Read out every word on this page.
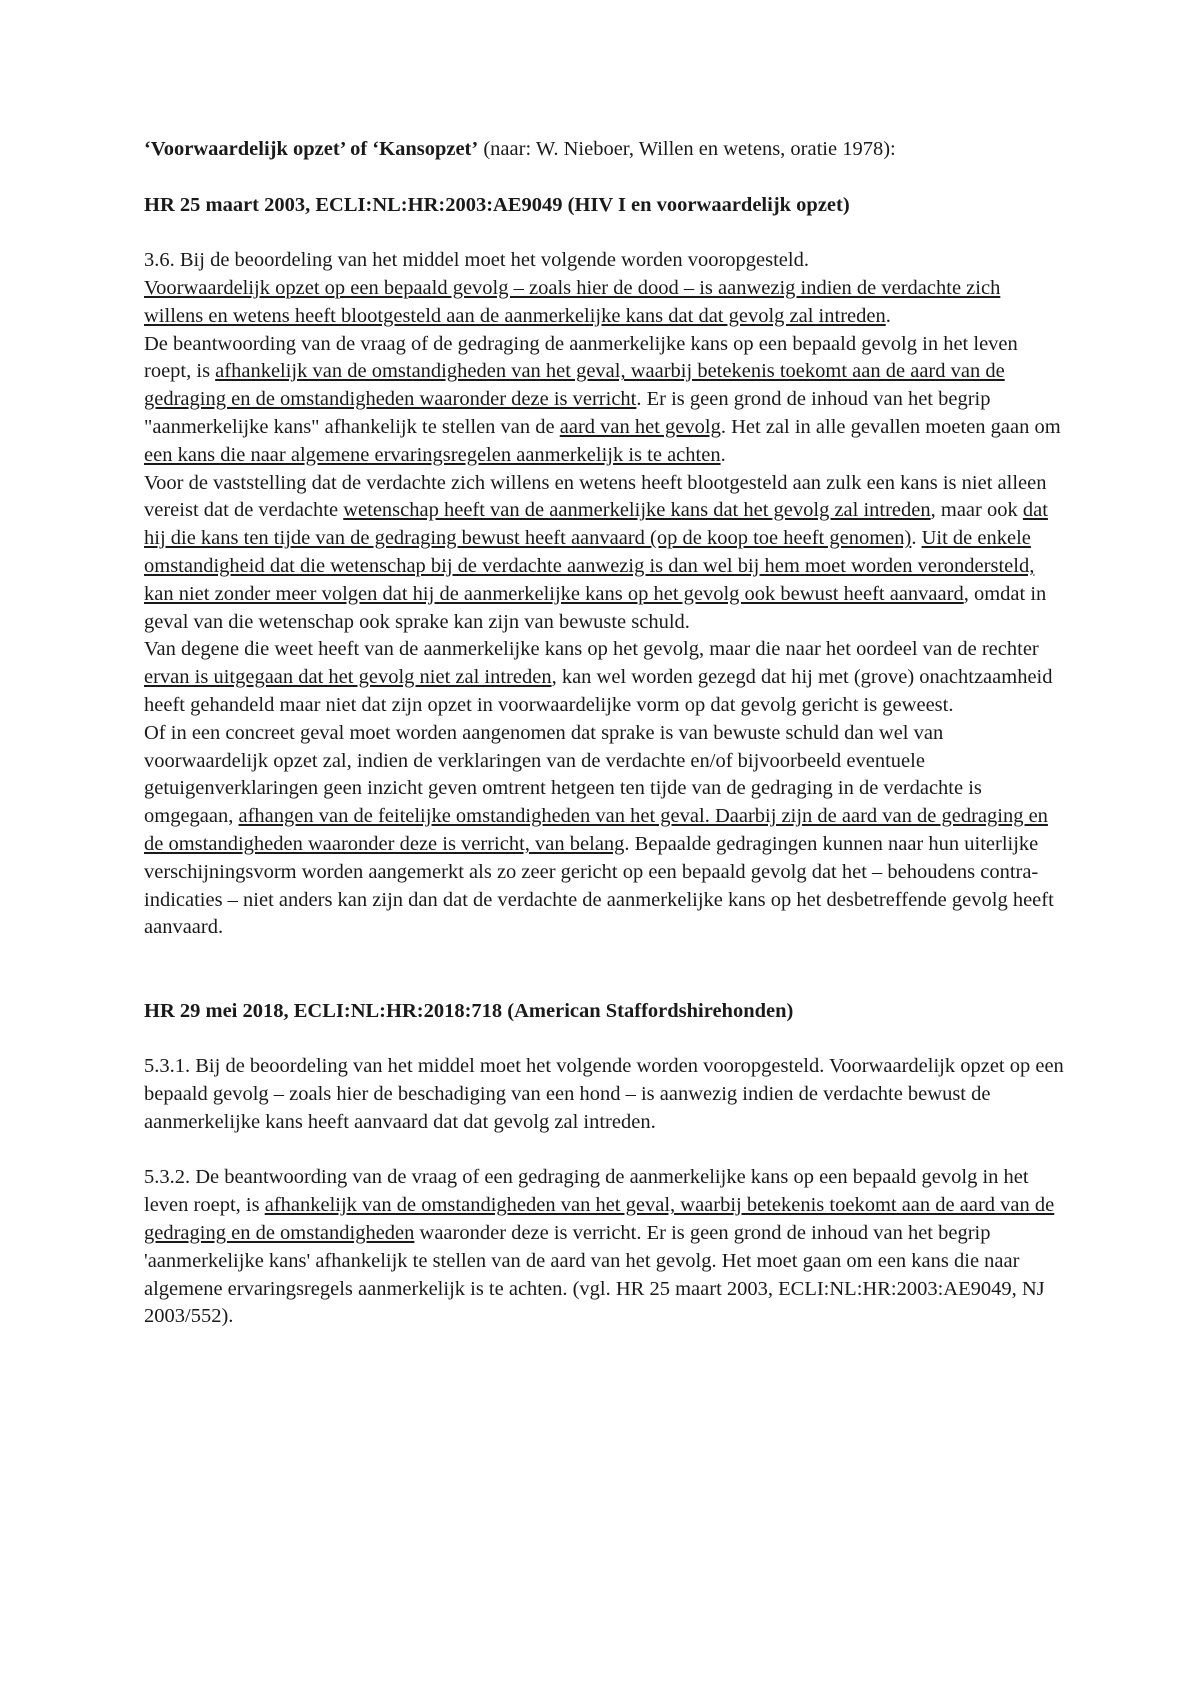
‘Voorwaardelijk opzet’ of ‘Kansopzet’ (naar: W. Nieboer, Willen en wetens, oratie 1978):

HR 25 maart 2003, ECLI:NL:HR:2003:AE9049 (HIV I en voorwaardelijk opzet)

3.6. Bij de beoordeling van het middel moet het volgende worden vooropgesteld.

Voorwaardelijk opzet op een bepaald gevolg – zoals hier de dood – is aanwezig indien de verdachte zich willens en wetens heeft blootgesteld aan de aanmerkelijke kans dat dat gevolg zal intreden.

De beantwoording van de vraag of de gedraging de aanmerkelijke kans op een bepaald gevolg in het leven roept, is afhankelijk van de omstandigheden van het geval, waarbij betekenis toekomt aan de aard van de gedraging en de omstandigheden waaronder deze is verricht. Er is geen grond de inhoud van het begrip "aanmerkelijke kans" afhankelijk te stellen van de aard van het gevolg. Het zal in alle gevallen moeten gaan om een kans die naar algemene ervaringsregelen aanmerkelijk is te achten.

Voor de vaststelling dat de verdachte zich willens en wetens heeft blootgesteld aan zulk een kans is niet alleen vereist dat de verdachte wetenschap heeft van de aanmerkelijke kans dat het gevolg zal intreden, maar ook dat hij die kans ten tijde van de gedraging bewust heeft aanvaard (op de koop toe heeft genomen). Uit de enkele omstandigheid dat die wetenschap bij de verdachte aanwezig is dan wel bij hem moet worden verondersteld, kan niet zonder meer volgen dat hij de aanmerkelijke kans op het gevolg ook bewust heeft aanvaard, omdat in geval van die wetenschap ook sprake kan zijn van bewuste schuld.

Van degene die weet heeft van de aanmerkelijke kans op het gevolg, maar die naar het oordeel van de rechter ervan is uitgegaan dat het gevolg niet zal intreden, kan wel worden gezegd dat hij met (grove) onachtzaamheid heeft gehandeld maar niet dat zijn opzet in voorwaardelijke vorm op dat gevolg gericht is geweest.

Of in een concreet geval moet worden aangenomen dat sprake is van bewuste schuld dan wel van voorwaardelijk opzet zal, indien de verklaringen van de verdachte en/of bijvoorbeeld eventuele getuigenverklaringen geen inzicht geven omtrent hetgeen ten tijde van de gedraging in de verdachte is omgegaan, afhangen van de feitelijke omstandigheden van het geval. Daarbij zijn de aard van de gedraging en de omstandigheden waaronder deze is verricht, van belang. Bepaalde gedragingen kunnen naar hun uiterlijke verschijningsvorm worden aangemerkt als zo zeer gericht op een bepaald gevolg dat het – behoudens contra-indicaties – niet anders kan zijn dan dat de verdachte de aanmerkelijke kans op het desbetreffende gevolg heeft aanvaard.

HR 29 mei 2018, ECLI:NL:HR:2018:718 (American Staffordshirehonden)

5.3.1. Bij de beoordeling van het middel moet het volgende worden vooropgesteld. Voorwaardelijk opzet op een bepaald gevolg – zoals hier de beschadiging van een hond – is aanwezig indien de verdachte bewust de aanmerkelijke kans heeft aanvaard dat dat gevolg zal intreden.

5.3.2. De beantwoording van de vraag of een gedraging de aanmerkelijke kans op een bepaald gevolg in het leven roept, is afhankelijk van de omstandigheden van het geval, waarbij betekenis toekomt aan de aard van de gedraging en de omstandigheden waaronder deze is verricht. Er is geen grond de inhoud van het begrip 'aanmerkelijke kans' afhankelijk te stellen van de aard van het gevolg. Het moet gaan om een kans die naar algemene ervaringsregels aanmerkelijk is te achten. (vgl. HR 25 maart 2003, ECLI:NL:HR:2003:AE9049, NJ 2003/552).
